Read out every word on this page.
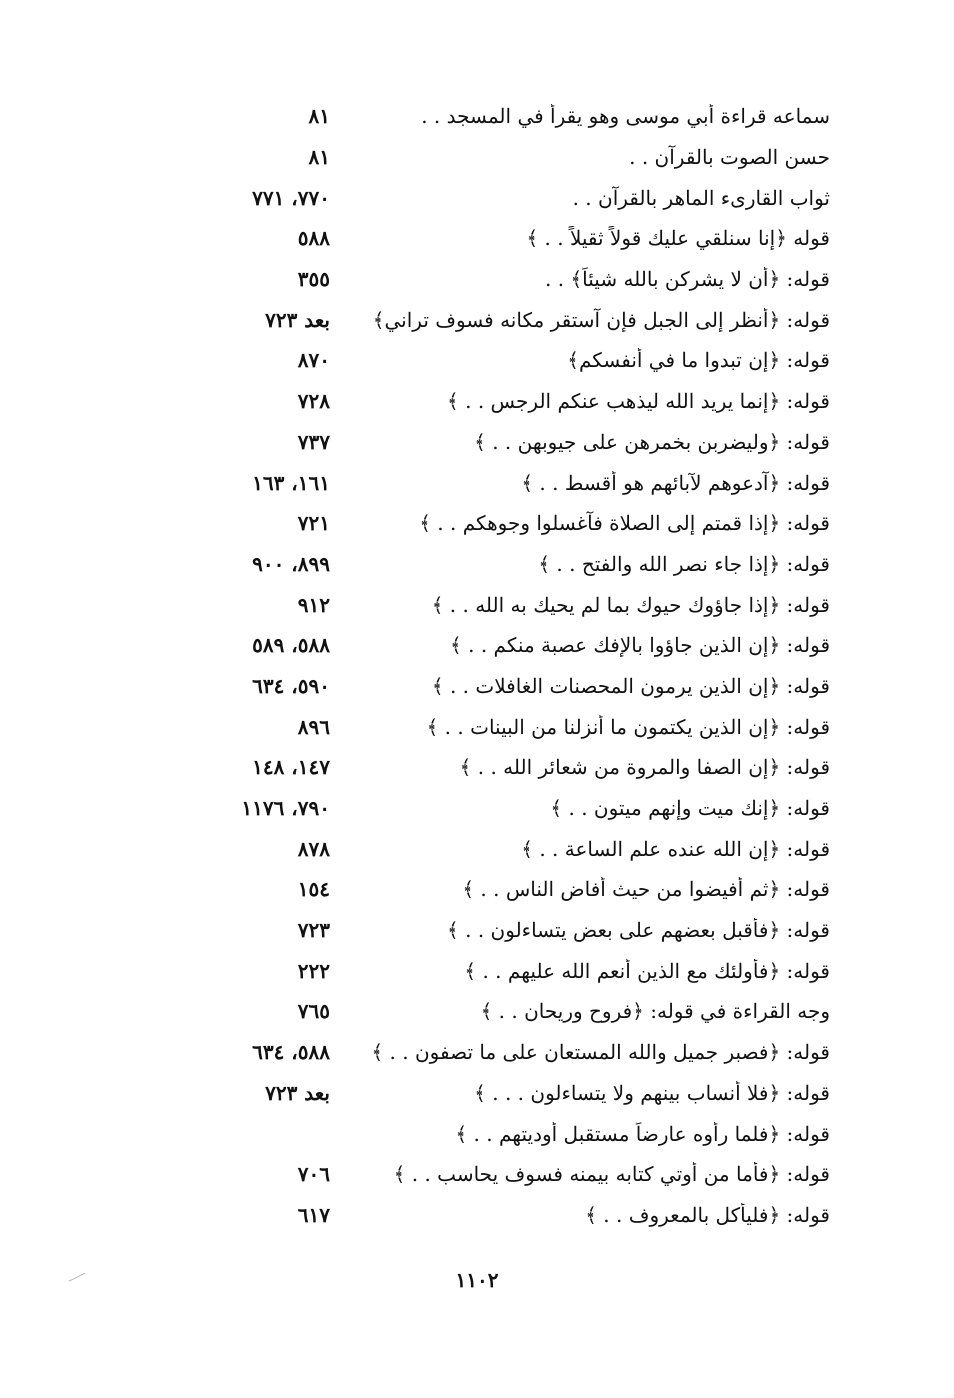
سماعه قراءة أبي موسى وهو يقرأ في المسجد . .
٨١
حسن الصوت بالقرآن . .
٨١
ثواب القارىء الماهر بالقرآن . .
٧٧٠، ٧٧١
قوله ﴿إنا سنلقي عليك قولاً ثقيلاً . . ﴾
٥٨٨
قوله: ﴿أن لا يشركن بالله شيئاً﴾ . .
٣٥٥
قوله: ﴿أنظر إلى الجبل فإن آستقر مكانه فسوف تراني﴾
بعد ٧٢٣
قوله: ﴿إن تبدوا ما في أنفسكم﴾
٨٧٠
قوله: ﴿إنما يريد الله ليذهب عنكم الرجس . . ﴾
٧٢٨
قوله: ﴿وليضربن بخمرهن على جيوبهن . . ﴾
٧٣٧
قوله: ﴿آدعوهم لآبائهم هو أقسط . . ﴾
١٦١، ١٦٣
قوله: ﴿إذا قمتم إلى الصلاة فآغسلوا وجوهكم . . ﴾
٧٢١
قوله: ﴿إذا جاء نصر الله والفتح . . ﴾
٨٩٩، ٩٠٠
قوله: ﴿إذا جاؤوك حيوك بما لم يحيك به الله . . ﴾
٩١٢
قوله: ﴿إن الذين جاؤوا بالإفك عصبة منكم . . ﴾
٥٨٨، ٥٨٩
قوله: ﴿إن الذين يرمون المحصنات الغافلات . . ﴾
٥٩٠، ٦٣٤
قوله: ﴿إن الذين يكتمون ما أنزلنا من البينات . . ﴾
٨٩٦
قوله: ﴿إن الصفا والمروة من شعائر الله . . ﴾
١٤٧، ١٤٨
قوله: ﴿إنك ميت وإنهم ميتون . . ﴾
٧٩٠، ١١٧٦
قوله: ﴿إن الله عنده علم الساعة . . ﴾
٨٧٨
قوله: ﴿ثم أفيضوا من حيث أفاض الناس . . ﴾
١٥٤
قوله: ﴿فأقبل بعضهم على بعض يتساءلون . . ﴾
٧٢٣
قوله: ﴿فأولئك مع الذين أنعم الله عليهم . . ﴾
٢٢٢
وجه القراءة في قوله: ﴿فروح وريحان . . ﴾
٧٦٥
قوله: ﴿فصبر جميل والله المستعان على ما تصفون . . ﴾
٥٨٨، ٦٣٤
قوله: ﴿فلا أنساب بينهم ولا يتساءلون . . . ﴾
بعد ٧٢٣
قوله: ﴿فلما رأوه عارضاً مستقبل أوديتهم . . ﴾
قوله: ﴿فأما من أوتي كتابه بيمنه فسوف يحاسب . . ﴾
٧٠٦
قوله: ﴿فليأكل بالمعروف . . ﴾
٦١٧
١١٠٢
